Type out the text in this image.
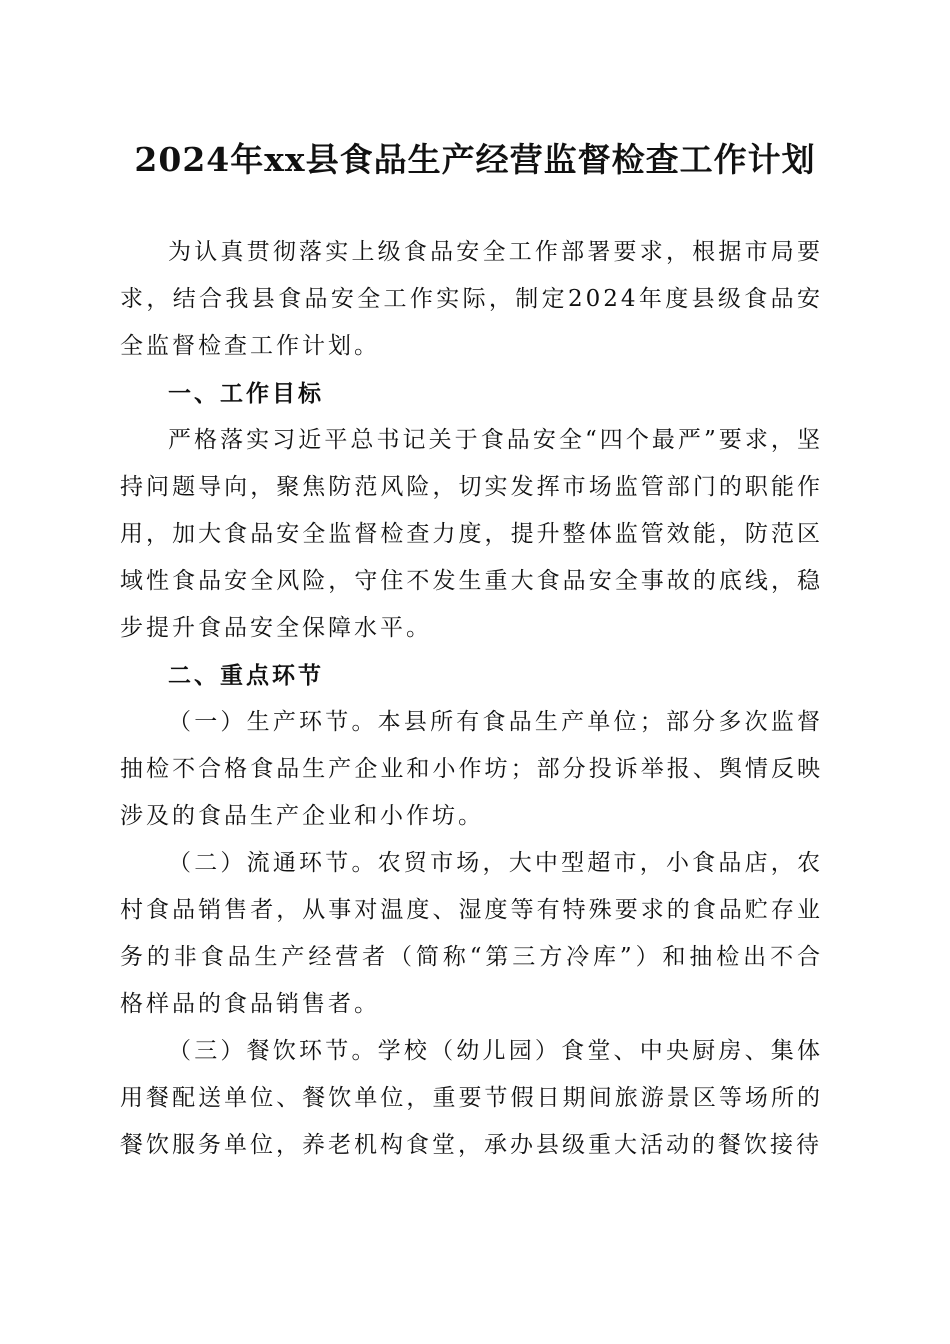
2024年xx县食品生产经营监督检查工作计划

为认真贯彻落实上级食品安全工作部署要求，根据市局要求，结合我县食品安全工作实际，制定2024年度县级食品安全监督检查工作计划。

一、工作目标

严格落实习近平总书记关于食品安全“四个最严”要求，坚持问题导向，聚焦防范风险，切实发挥市场监管部门的职能作用，加大食品安全监督检查力度，提升整体监管效能，防范区域性食品安全风险，守住不发生重大食品安全事故的底线，稳步提升食品安全保障水平。

二、重点环节

（一）生产环节。本县所有食品生产单位；部分多次监督抽检不合格食品生产企业和小作坊；部分投诉举报、舆情反映涉及的食品生产企业和小作坊。

（二）流通环节。农贸市场，大中型超市，小食品店，农村食品销售者，从事对温度、湿度等有特殊要求的食品贮存业务的非食品生产经营者（简称“第三方冷库”）和抽检出不合格样品的食品销售者。

（三）餐饮环节。学校（幼儿园）食堂、中央厨房、集体用餐配送单位、餐饮单位，重要节假日期间旅游景区等场所的餐饮服务单位，养老机构食堂，承办县级重大活动的餐饮接待
